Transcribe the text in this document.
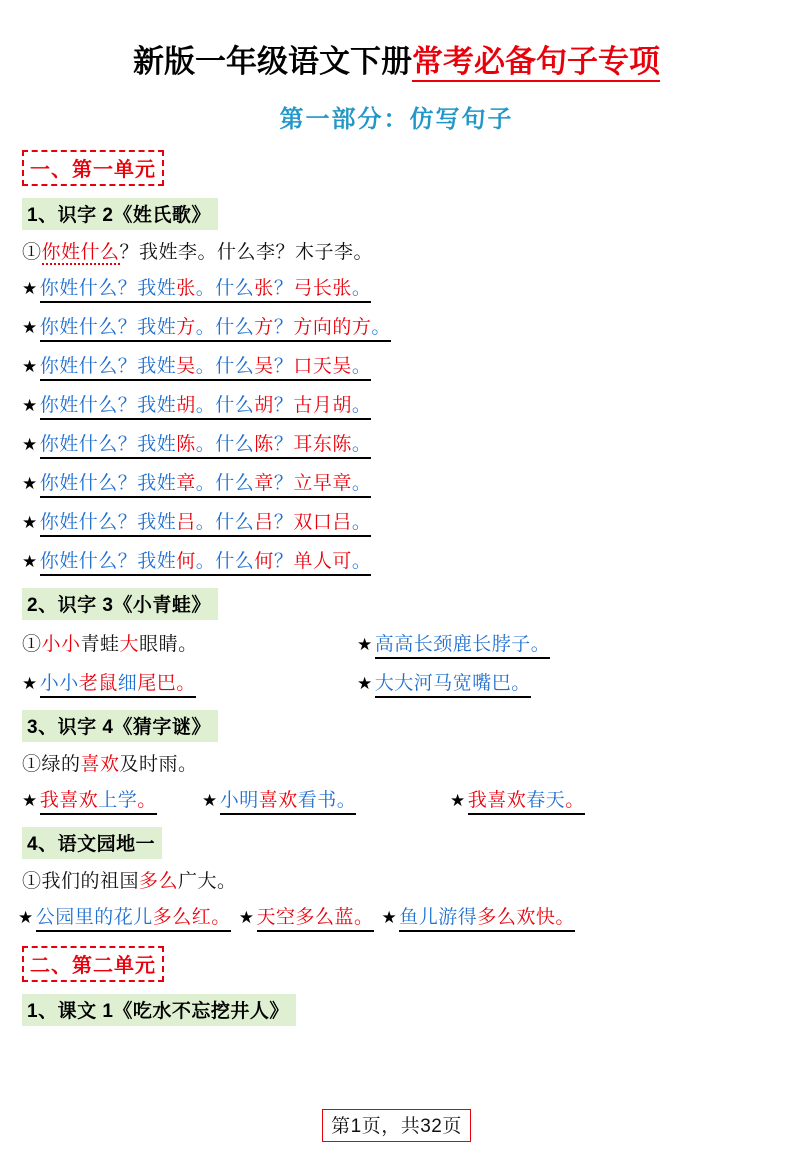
新版一年级语文下册常考必备句子专项
第一部分：仿写句子
一、第一单元
1、识字 2《姓氏歌》
①你姓什么？我姓李。什么李？木子李。
★ 你姓什么？我姓张。什么张？弓长张。
★ 你姓什么？我姓方。什么方？方向的方。
★ 你姓什么？我姓吴。什么吴？口天吴。
★ 你姓什么？我姓胡。什么胡？古月胡。
★ 你姓什么？我姓陈。什么陈？耳东陈。
★ 你姓什么？我姓章。什么章？立早章。
★ 你姓什么？我姓吕。什么吕？双口吕。
★ 你姓什么？我姓何。什么何？单人可。
2、识字 3《小青蛙》
①小小青蛙大眼睛。	★ 高高长颈鹿长脖子。
★ 小小老鼠细尾巴。	★ 大大河马宽嘴巴。
3、识字 4《猜字谜》
①绿的喜欢及时雨。
★ 我喜欢上学。	★ 小明喜欢看书。	★ 我喜欢春天。
4、语文园地一
①我们的祖国多么广大。
★ 公园里的花儿多么红。 ★ 天空多么蓝。 ★ 鱼儿游得多么欢快。
二、第二单元
1、课文 1《吃水不忘挖井人》
第1页，共32页
